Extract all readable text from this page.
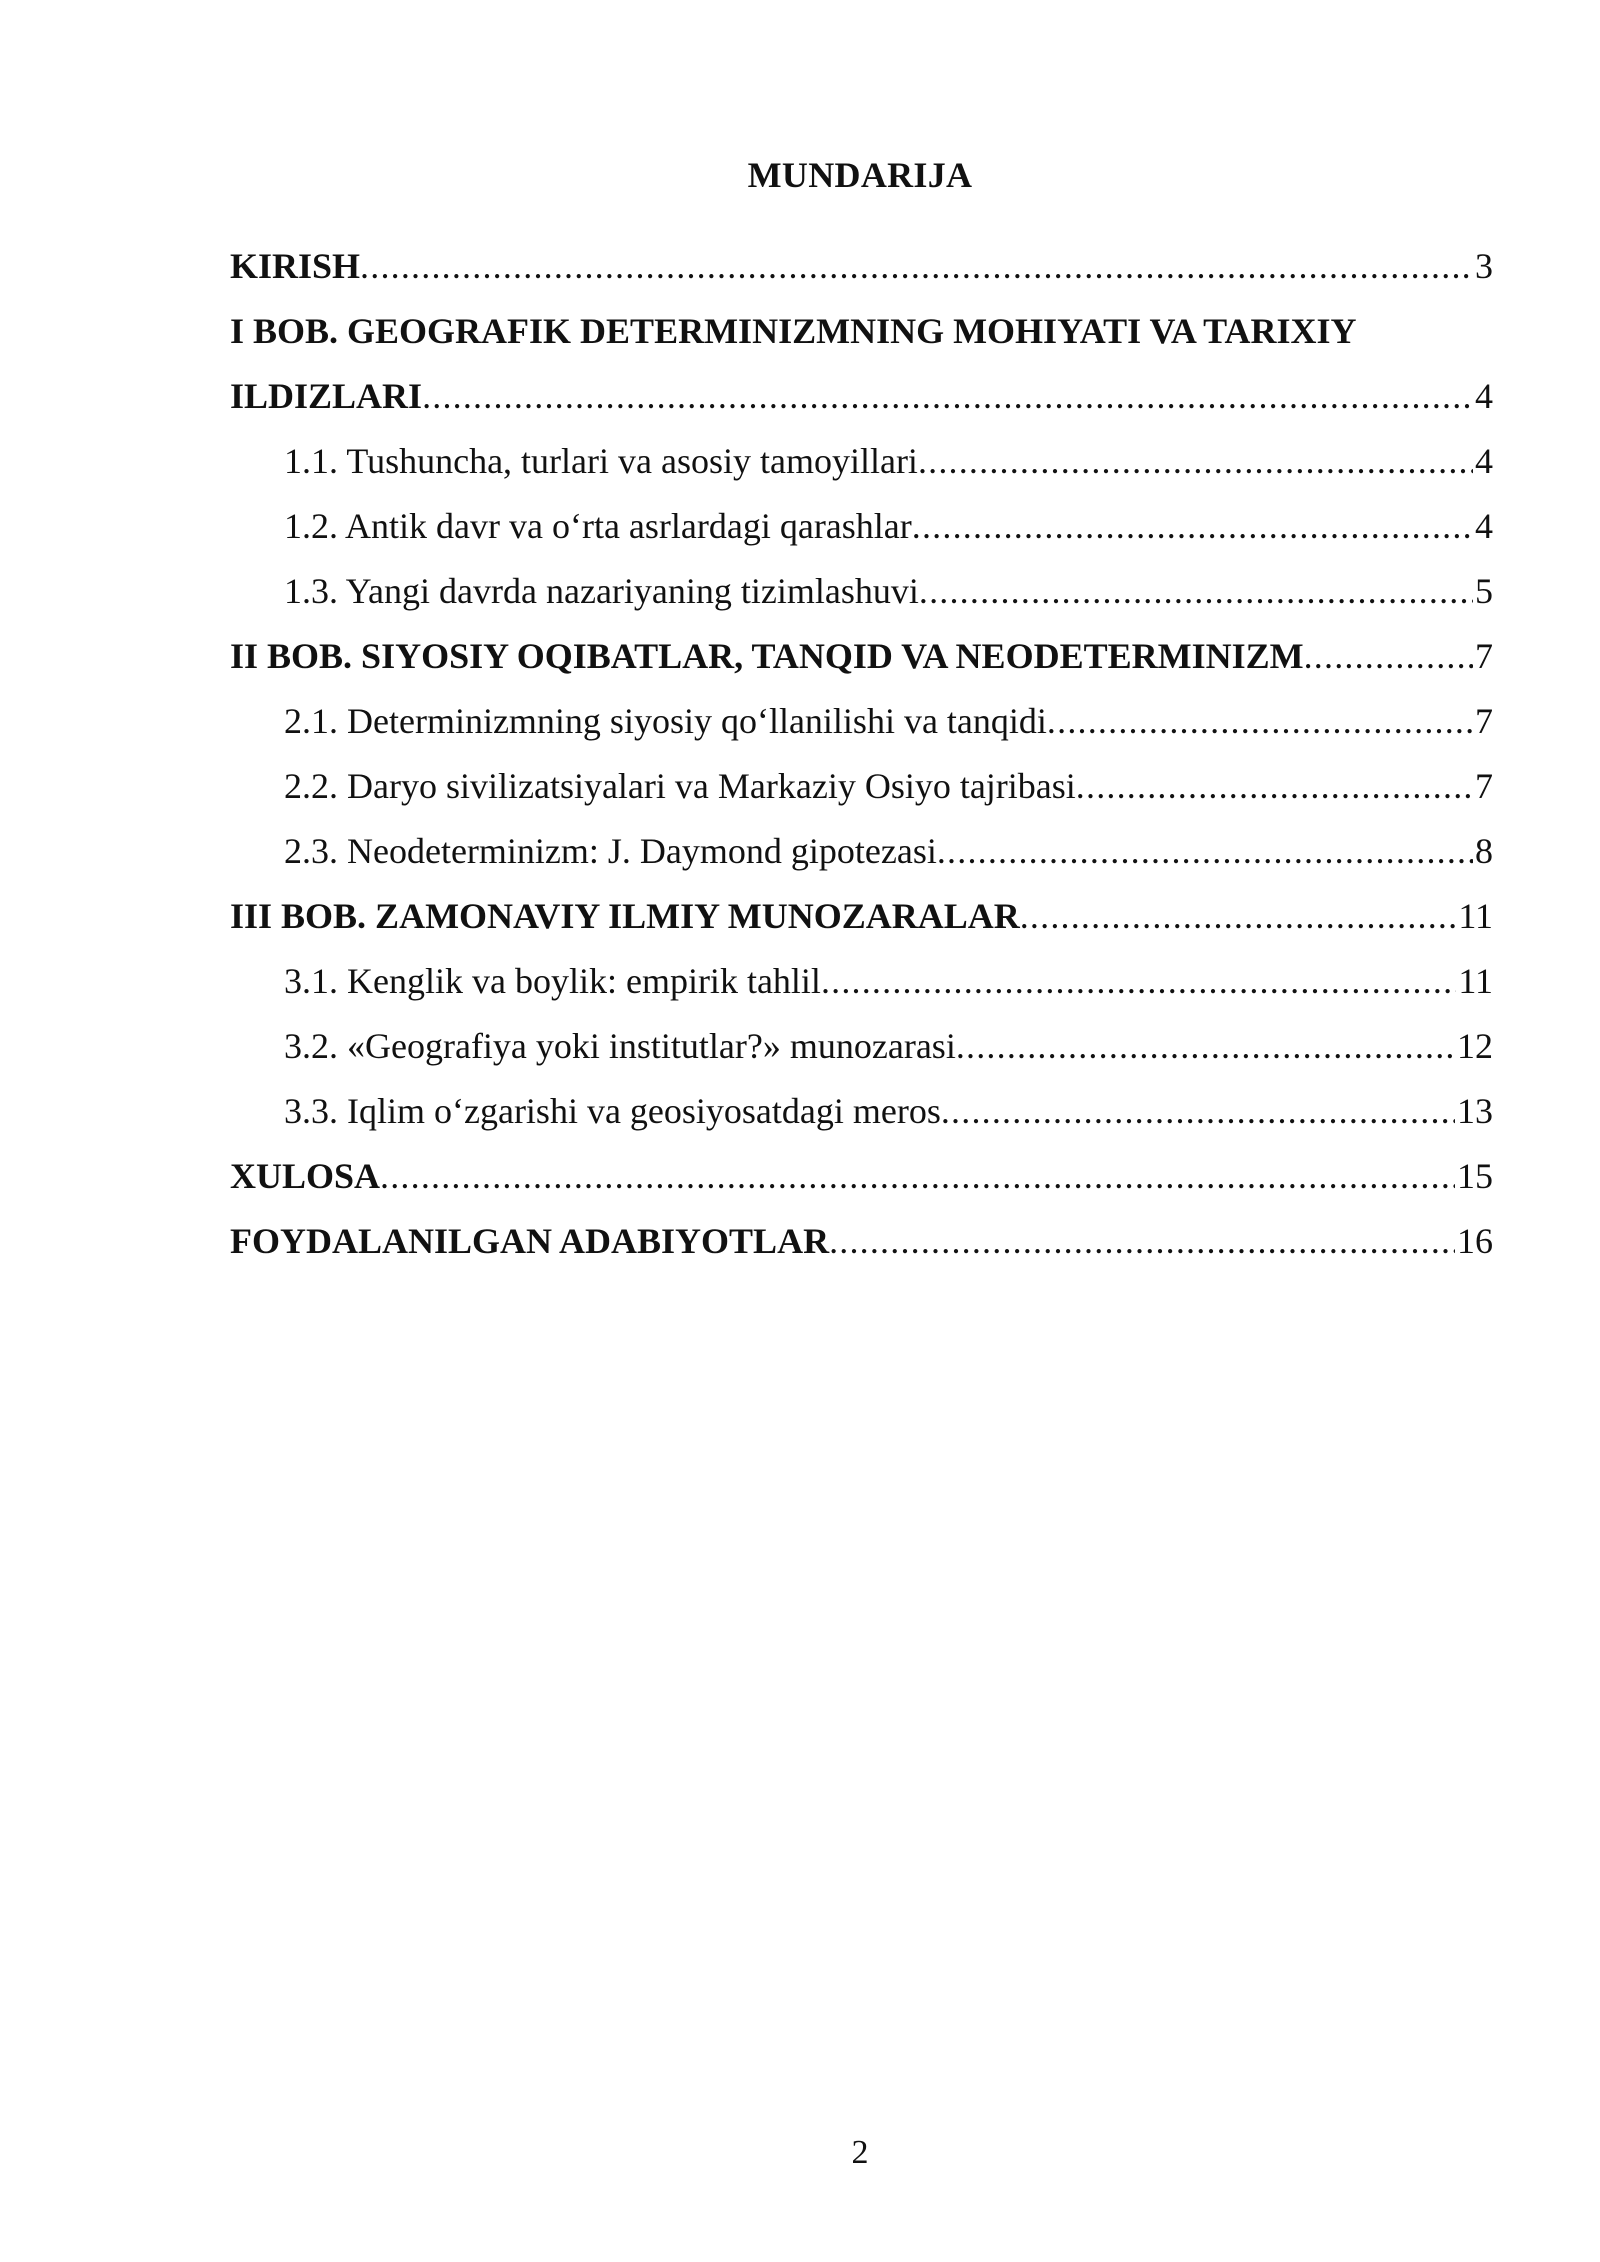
MUNDARIJA
KIRISH .....	3
I BOB. GEOGRAFIK DETERMINIZMNING MOHIYATI VA TARIXIY
ILDIZLARI .....	4
1.1. Tushuncha, turlari va asosiy tamoyillari .....	4
1.2. Antik davr va o‘rta asrlardagi qarashlar .....	4
1.3. Yangi davrda nazariyaning tizimlashuvi .....	5
II BOB. SIYOSIY OQIBATLAR, TANQID VA NEODETERMINIZM .....	7
2.1. Determinizmning siyosiy qo‘llanilishi va tanqidi .....	7
2.2. Daryo sivilizatsiyalari va Markaziy Osiyo tajribasi .....	7
2.3. Neodeterminizm: J. Daymond gipotezasi .....	8
III BOB. ZAMONAVIY ILMIY MUNOZARALAR .....	11
3.1. Kenglik va boylik: empirik tahlil .....	11
3.2. «Geografiya yoki institutlar?» munozarasi .....	12
3.3. Iqlim o‘zgarishi va geosiyosatdagi meros .....	13
XULOSA .....	15
FOYDALANILGAN ADABIYOTLAR .....	16
2
